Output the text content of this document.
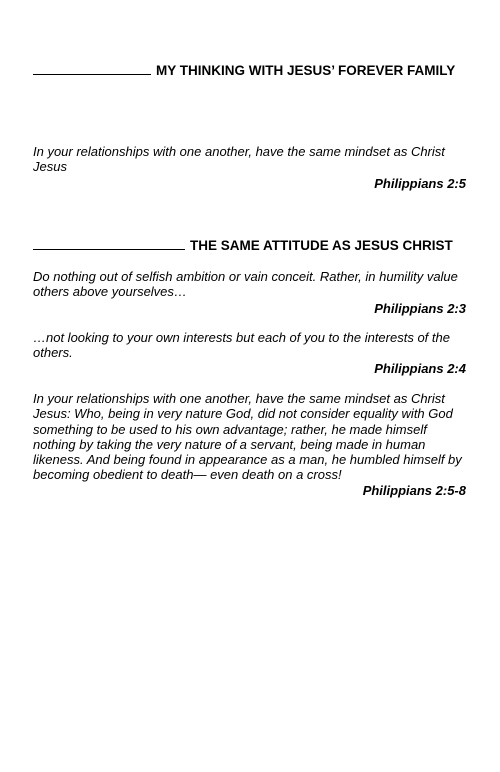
MY THINKING WITH JESUS’ FOREVER FAMILY
In your relationships with one another, have the same mindset as Christ Jesus
Philippians 2:5
THE SAME ATTITUDE AS JESUS CHRIST
Do nothing out of selfish ambition or vain conceit. Rather, in humility value others above yourselves…
Philippians 2:3
…not looking to your own interests but each of you to the interests of the others.
Philippians 2:4
In your relationships with one another, have the same mindset as Christ Jesus: Who, being in very nature God, did not consider equality with God something to be used to his own advantage; rather, he made himself nothing by taking the very nature of a servant, being made in human likeness. And being found in appearance as a man, he humbled himself by becoming obedient to death— even death on a cross!
Philippians 2:5-8
